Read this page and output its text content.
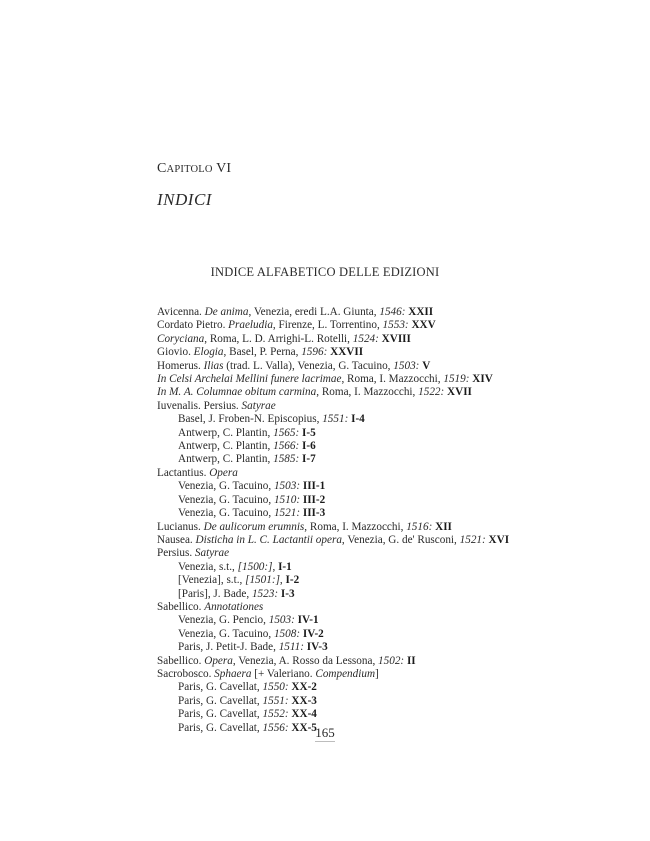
CAPITOLO VI
INDICI
INDICE ALFABETICO DELLE EDIZIONI
Avicenna. De anima, Venezia, eredi L.A. Giunta, 1546: XXII
Cordato Pietro. Praeludia, Firenze, L. Torrentino, 1553: XXV
Coryciana, Roma, L. D. Arrighi-L. Rotelli, 1524: XVIII
Giovio. Elogia, Basel, P. Perna, 1596: XXVII
Homerus. Ilias (trad. L. Valla), Venezia, G. Tacuino, 1503: V
In Celsi Archelai Mellini funere lacrimae, Roma, I. Mazzocchi, 1519: XIV
In M. A. Columnae obitum carmina, Roma, I. Mazzocchi, 1522: XVII
Iuvenalis. Persius. Satyrae
Basel, J. Froben-N. Episcopius, 1551: I-4
Antwerp, C. Plantin, 1565: I-5
Antwerp, C. Plantin, 1566: I-6
Antwerp, C. Plantin, 1585: I-7
Lactantius. Opera
Venezia, G. Tacuino, 1503: III-1
Venezia, G. Tacuino, 1510: III-2
Venezia, G. Tacuino, 1521: III-3
Lucianus. De aulicorum erumnis, Roma, I. Mazzocchi, 1516: XII
Nausea. Disticha in L. C. Lactantii opera, Venezia, G. de' Rusconi, 1521: XVI
Persius. Satyrae
Venezia, s.t., [1500:], I-1
[Venezia], s.t., [1501:], I-2
[Paris], J. Bade, 1523: I-3
Sabellico. Annotationes
Venezia, G. Pencio, 1503: IV-1
Venezia, G. Tacuino, 1508: IV-2
Paris, J. Petit-J. Bade, 1511: IV-3
Sabellico. Opera, Venezia, A. Rosso da Lessona, 1502: II
Sacrobosco. Sphaera [+ Valeriano. Compendium]
Paris, G. Cavellat, 1550: XX-2
Paris, G. Cavellat, 1551: XX-3
Paris, G. Cavellat, 1552: XX-4
Paris, G. Cavellat, 1556: XX-5
165
